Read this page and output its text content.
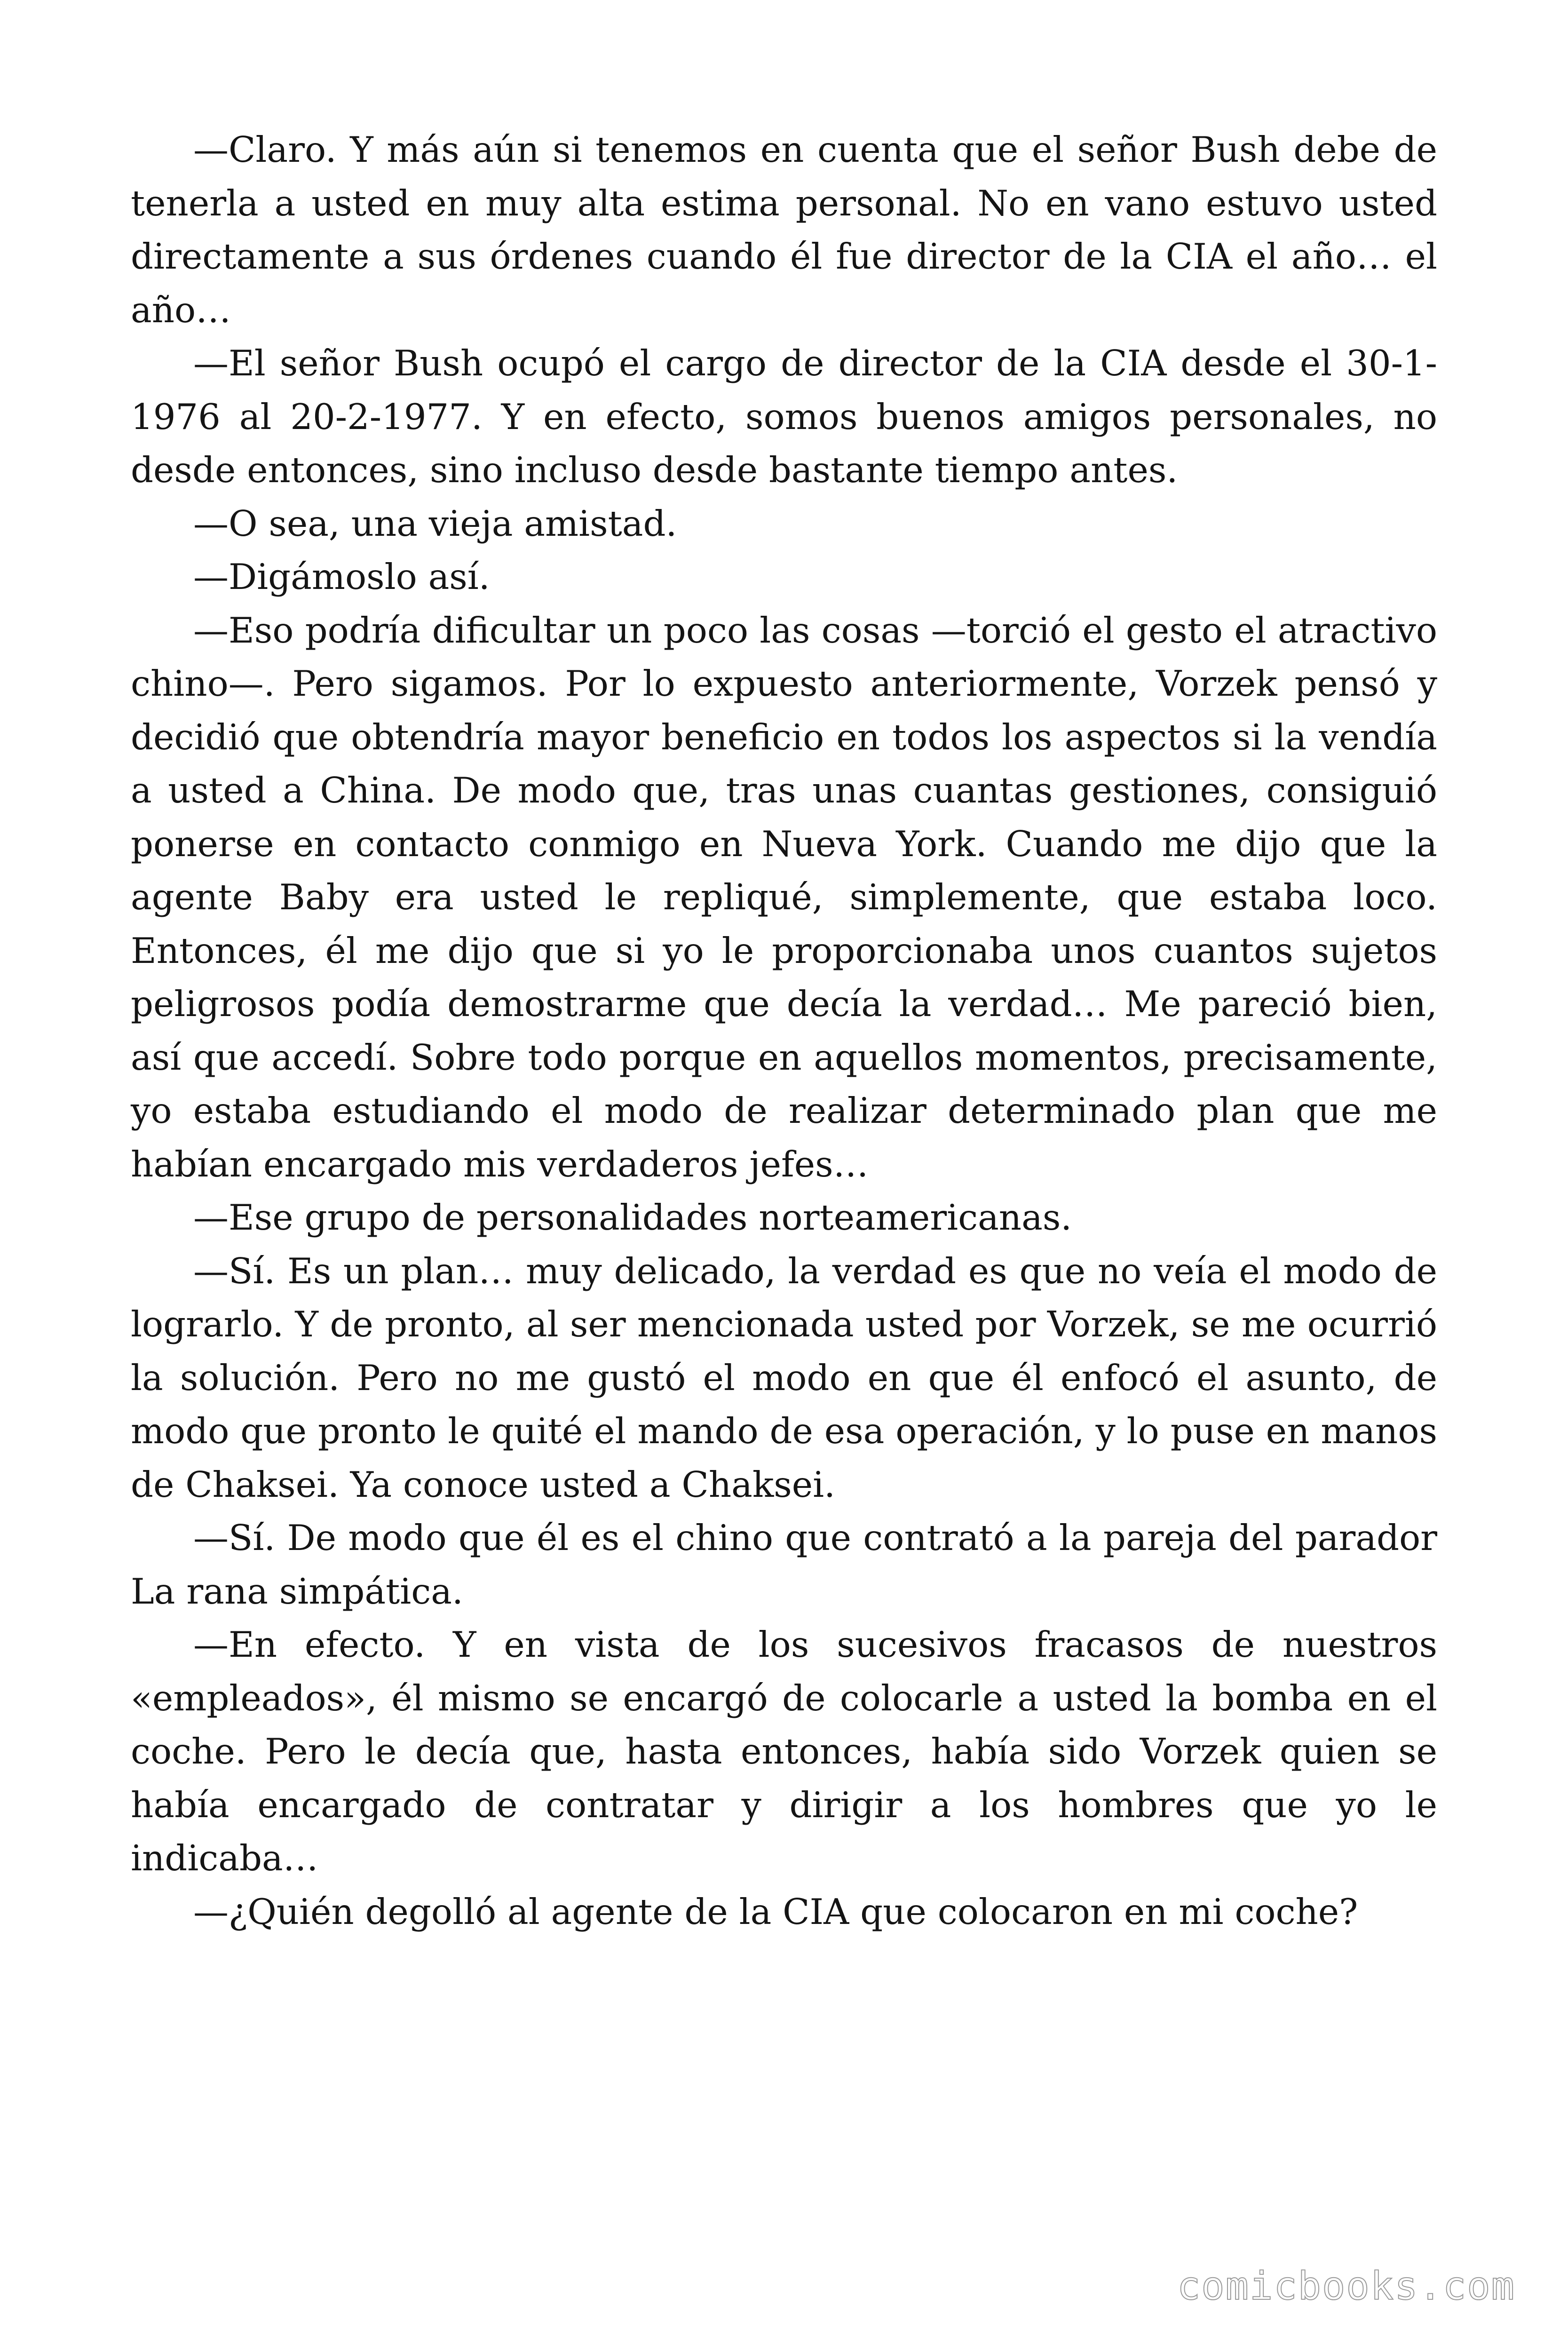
—Claro. Y más aún si tenemos en cuenta que el señor Bush debe de tenerla a usted en muy alta estima personal. No en vano estuvo usted directamente a sus órdenes cuando él fue director de la CIA el año… el año…

—El señor Bush ocupó el cargo de director de la CIA desde el 30-1-1976 al 20-2-1977. Y en efecto, somos buenos amigos personales, no desde entonces, sino incluso desde bastante tiempo antes.

—O sea, una vieja amistad.

—Digámoslo así.

—Eso podría dificultar un poco las cosas —torció el gesto el atractivo chino—. Pero sigamos. Por lo expuesto anteriormente, Vorzek pensó y decidió que obtendría mayor beneficio en todos los aspectos si la vendía a usted a China. De modo que, tras unas cuantas gestiones, consiguió ponerse en contacto conmigo en Nueva York. Cuando me dijo que la agente Baby era usted le repliqué, simplemente, que estaba loco. Entonces, él me dijo que si yo le proporcionaba unos cuantos sujetos peligrosos podía demostrarme que decía la verdad… Me pareció bien, así que accedí. Sobre todo porque en aquellos momentos, precisamente, yo estaba estudiando el modo de realizar determinado plan que me habían encargado mis verdaderos jefes…

—Ese grupo de personalidades norteamericanas.

—Sí. Es un plan… muy delicado, la verdad es que no veía el modo de lograrlo. Y de pronto, al ser mencionada usted por Vorzek, se me ocurrió la solución. Pero no me gustó el modo en que él enfocó el asunto, de modo que pronto le quité el mando de esa operación, y lo puse en manos de Chaksei. Ya conoce usted a Chaksei.

—Sí. De modo que él es el chino que contrató a la pareja del parador La rana simpática.

—En efecto. Y en vista de los sucesivos fracasos de nuestros «empleados», él mismo se encargó de colocarle a usted la bomba en el coche. Pero le decía que, hasta entonces, había sido Vorzek quien se había encargado de contratar y dirigir a los hombres que yo le indicaba…

—¿Quién degolló al agente de la CIA que colocaron en mi coche?

comicbooks.com
